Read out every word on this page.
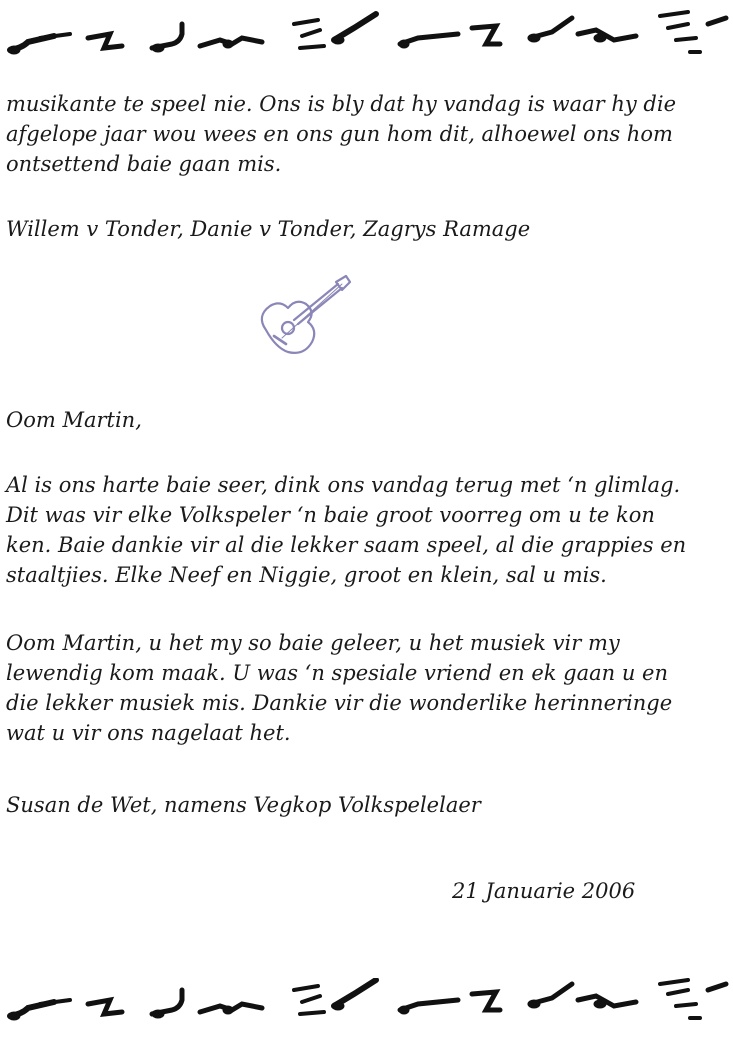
musikante te speel nie. Ons is bly dat hy vandag is waar hy die
afgelope jaar wou wees en ons gun hom dit, alhoewel ons hom
ontsettend baie gaan mis.

Willem v Tonder, Danie v Tonder, Zagrys Ramage

Oom Martin,

Al is ons harte baie seer, dink ons vandag terug met ‘n glimlag.
Dit was vir elke Volkspeler ‘n baie groot voorreg om u te kon
ken. Baie dankie vir al die lekker saam speel, al die grappies en
staaltjies. Elke Neef en Niggie, groot en klein, sal u mis.

Oom Martin, u het my so baie geleer, u het musiek vir my
lewendig kom maak. U was ‘n spesiale vriend en ek gaan u en
die lekker musiek mis. Dankie vir die wonderlike herinneringe
wat u vir ons nagelaat het.

Susan de Wet, namens Vegkop Volkspelelaer

21 Januarie 2006
